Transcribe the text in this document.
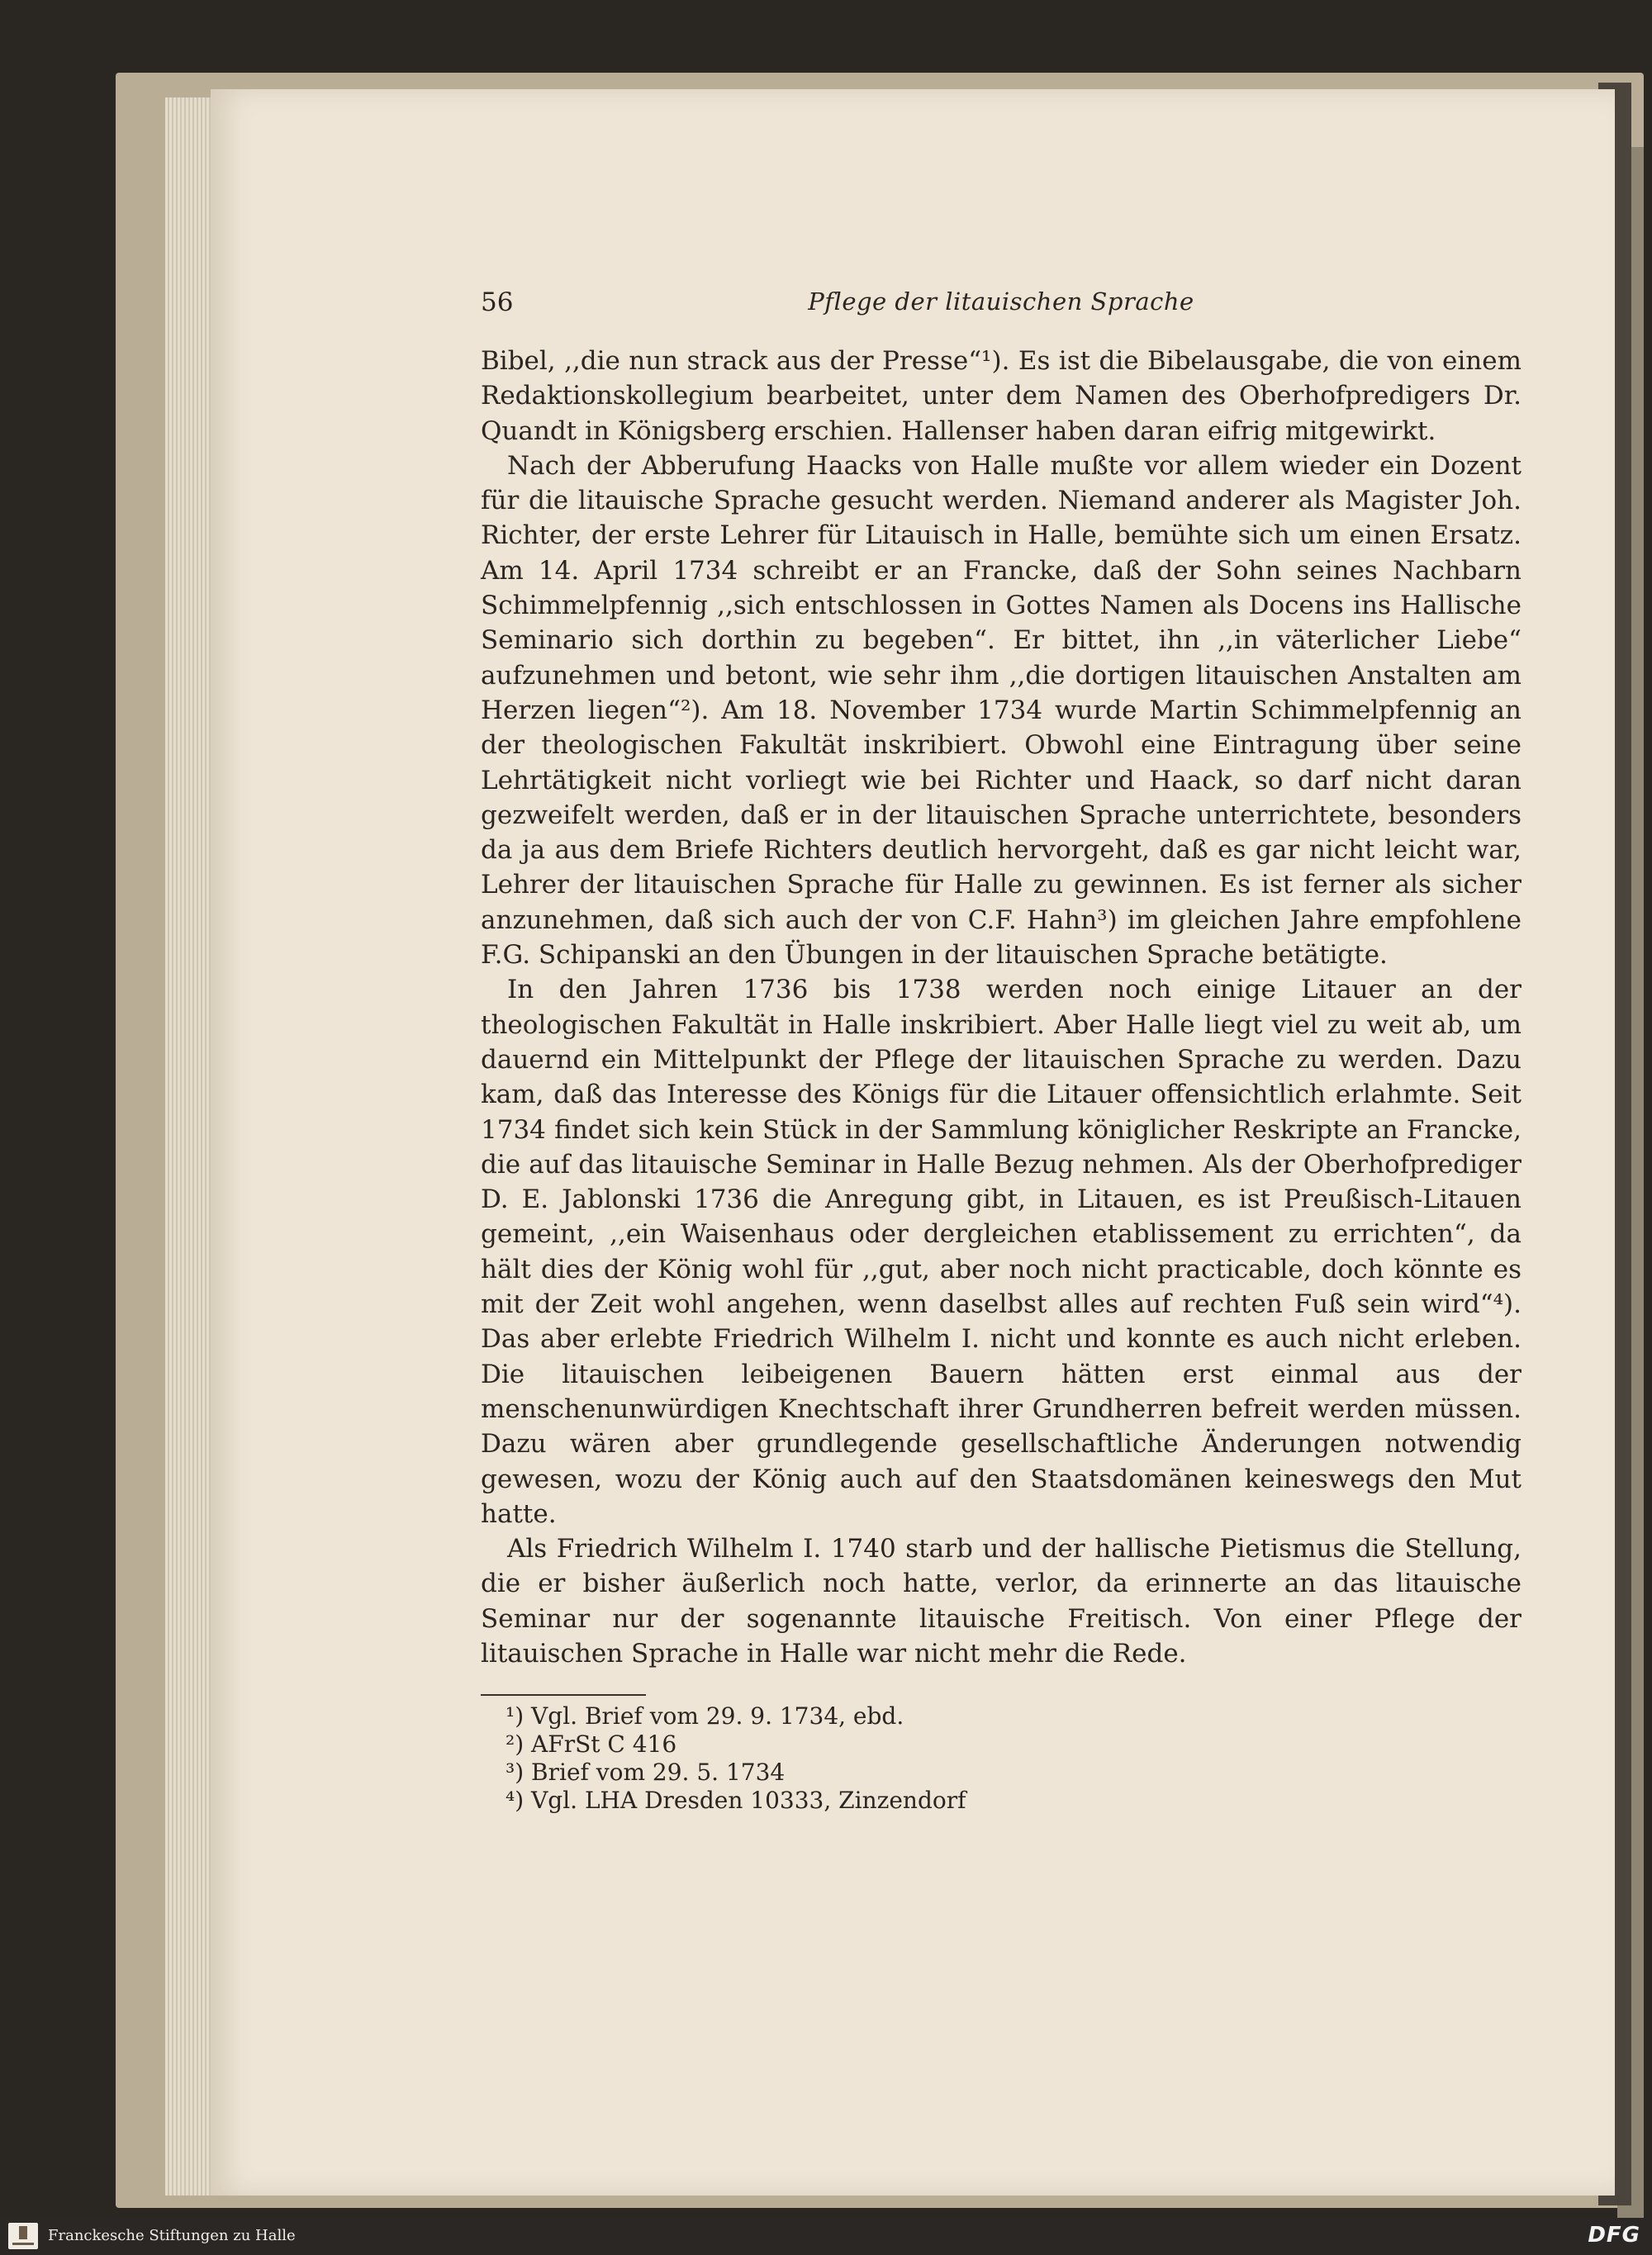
56	Pflege der litauischen Sprache

Bibel, ,,die nun strack aus der Presse“¹). Es ist die Bibelausgabe, die von einem Redaktionskollegium bearbeitet, unter dem Namen des Oberhofpredigers Dr. Quandt in Königsberg erschien. Hallenser haben daran eifrig mitgewirkt.

Nach der Abberufung Haacks von Halle mußte vor allem wieder ein Dozent für die litauische Sprache gesucht werden. Niemand anderer als Magister Joh. Richter, der erste Lehrer für Litauisch in Halle, bemühte sich um einen Ersatz. Am 14. April 1734 schreibt er an Francke, daß der Sohn seines Nachbarn Schimmelpfennig ,,sich entschlossen in Gottes Namen als Docens ins Hallische Seminario sich dorthin zu begeben“. Er bittet, ihn ,,in väterlicher Liebe“ aufzunehmen und betont, wie sehr ihm ,,die dortigen litauischen Anstalten am Herzen liegen“²). Am 18. November 1734 wurde Martin Schimmelpfennig an der theologischen Fakultät inskribiert. Obwohl eine Eintragung über seine Lehrtätigkeit nicht vorliegt wie bei Richter und Haack, so darf nicht daran gezweifelt werden, daß er in der litauischen Sprache unterrichtete, besonders da ja aus dem Briefe Richters deutlich hervorgeht, daß es gar nicht leicht war, Lehrer der litauischen Sprache für Halle zu gewinnen. Es ist ferner als sicher anzunehmen, daß sich auch der von C.F. Hahn³) im gleichen Jahre empfohlene F.G. Schipanski an den Übungen in der litauischen Sprache betätigte.

In den Jahren 1736 bis 1738 werden noch einige Litauer an der theologischen Fakultät in Halle inskribiert. Aber Halle liegt viel zu weit ab, um dauernd ein Mittelpunkt der Pflege der litauischen Sprache zu werden. Dazu kam, daß das Interesse des Königs für die Litauer offensichtlich erlahmte. Seit 1734 findet sich kein Stück in der Sammlung königlicher Reskripte an Francke, die auf das litauische Seminar in Halle Bezug nehmen. Als der Oberhofprediger D. E. Jablonski 1736 die Anregung gibt, in Litauen, es ist Preußisch-Litauen gemeint, ,,ein Waisenhaus oder dergleichen etablissement zu errichten“, da hält dies der König wohl für ,,gut, aber noch nicht practicable, doch könnte es mit der Zeit wohl angehen, wenn daselbst alles auf rechten Fuß sein wird“⁴). Das aber erlebte Friedrich Wilhelm I. nicht und konnte es auch nicht erleben. Die litauischen leibeigenen Bauern hätten erst einmal aus der menschenunwürdigen Knechtschaft ihrer Grundherren befreit werden müssen. Dazu wären aber grundlegende gesellschaftliche Änderungen notwendig gewesen, wozu der König auch auf den Staatsdomänen keineswegs den Mut hatte.

Als Friedrich Wilhelm I. 1740 starb und der hallische Pietismus die Stellung, die er bisher äußerlich noch hatte, verlor, da erinnerte an das litauische Seminar nur der sogenannte litauische Freitisch. Von einer Pflege der litauischen Sprache in Halle war nicht mehr die Rede.

¹) Vgl. Brief vom 29. 9. 1734, ebd.
²) AFrSt C 416
³) Brief vom 29. 5. 1734
⁴) Vgl. LHA Dresden 10333, Zinzendorf
Franckesche Stiftungen zu Halle	DFG
